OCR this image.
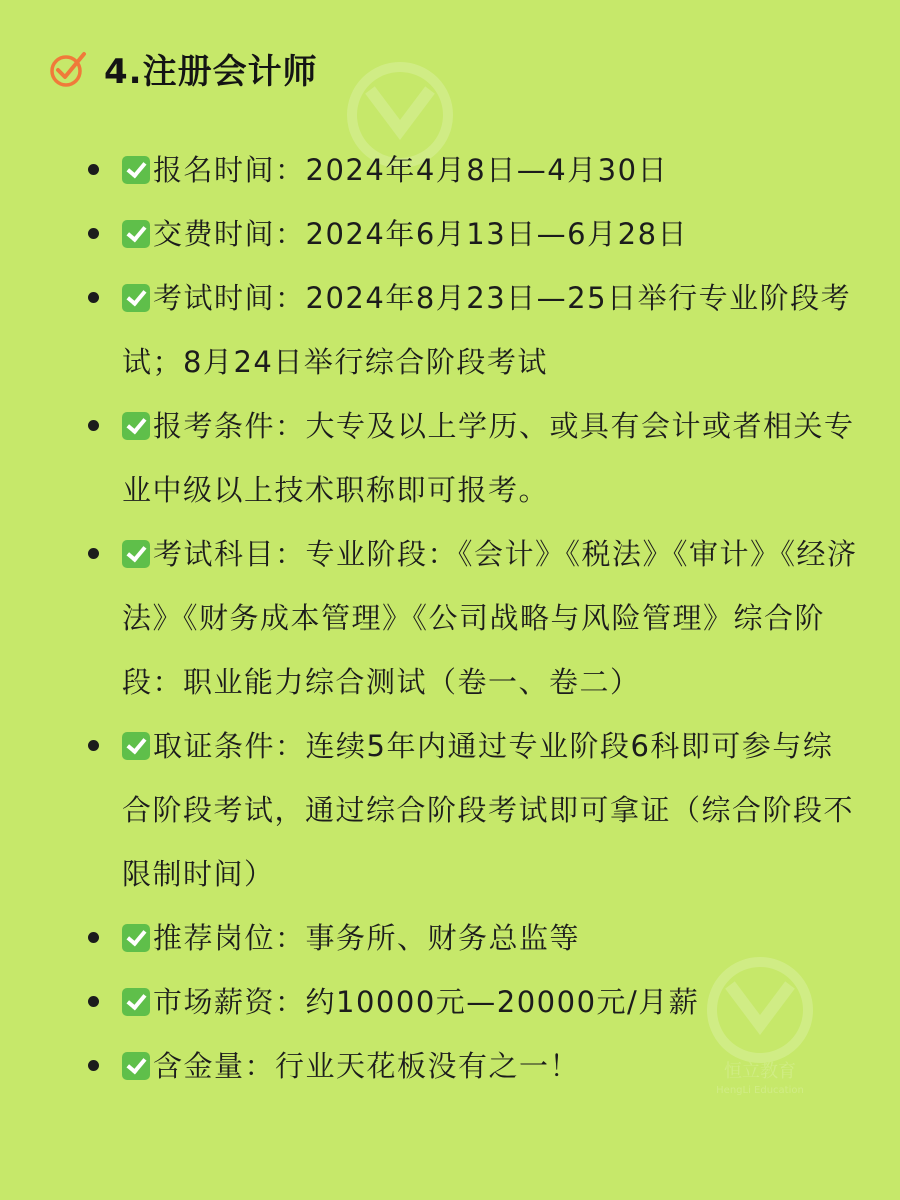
4.注册会计师
恒立教育
HengLi Education
报名时间：2024年4月8日—4月30日
交费时间：2024年6月13日—6月28日
考试时间：2024年8月23日—25日举行专业阶段考试；8月24日举行综合阶段考试
报考条件：大专及以上学历、或具有会计或者相关专业中级以上技术职称即可报考。
考试科目：专业阶段：《会计》《税法》《审计》《经济法》《财务成本管理》《公司战略与风险管理》综合阶段：职业能力综合测试（卷一、卷二）
取证条件：连续5年内通过专业阶段6科即可参与综合阶段考试，通过综合阶段考试即可拿证（综合阶段不限制时间）
推荐岗位：事务所、财务总监等
市场薪资：约10000元—20000元/月薪
含金量：行业天花板没有之一！
